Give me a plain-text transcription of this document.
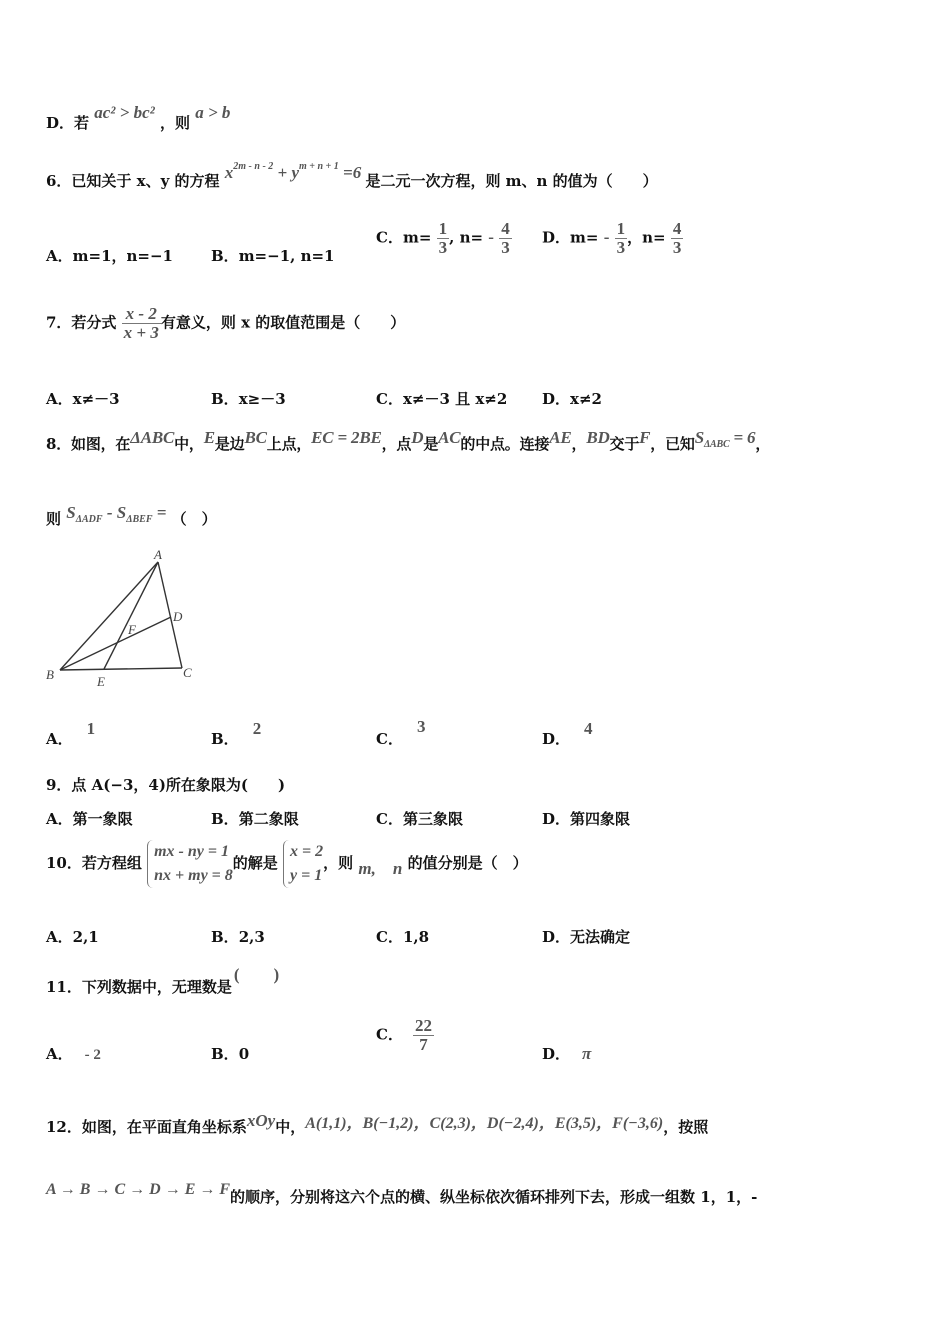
D．若 ac² > bc² ，则 a > b
6．已知关于 x、y 的方程 $x^{2m - n - 2} + y^{m + n + 1} =6$ 是二元一次方程，则 m、n 的值为（　　）
A．m=1，n=−1	B．m=−1, n=1
C．$m= \frac{1}{3}$ , $n= - \frac{4}{3}$ D．$m= - \frac{1}{3}$ ，$n= \frac{4}{3}$
7．若分式 $\frac{x - 2}{x + 3}$ 有意义，则 x 的取值范围是（　　）
A．x≠－3	B．x≥－3	C．x≠－3 且 x≠2 D．x≠2
8．如图，在ΔABC中，E是边BC上点，EC = 2BE，点D是AC的中点。连接AE，BD交于F，已知$S_{\Delta ABC} = 6$，
则 $S_{\Delta ADF} - S_{\Delta BEF}$ = （　）
A
B	C
D
E
F
A．1
B．2
C．3
D．4
9．点 A(−3，4)所在象限为(　　)
A．第一象限	B．第二象限	C．第三象限	D．第四象限
10．若方程组
mx - ny = 1
nx + my = 8
的解是
x = 2
y = 1
，则 m,　n 的值分别是（　）
A．2,1	B．2,3	C．1,8	D．无法确定
11．下列数据中，无理数是(　　)
A． - 2	B．0
C． $\frac{22}{7}$
D． π
12．如图，在平面直角坐标系xOy中，A(1,1)，B(−1,2)，C(2,3)，D(−2,4)，E(3,5)，F(−3,6)，按照
A → B → C → D → E → F的顺序，分别将这六个点的横、纵坐标依次循环排列下去，形成一组数 1，1，-
